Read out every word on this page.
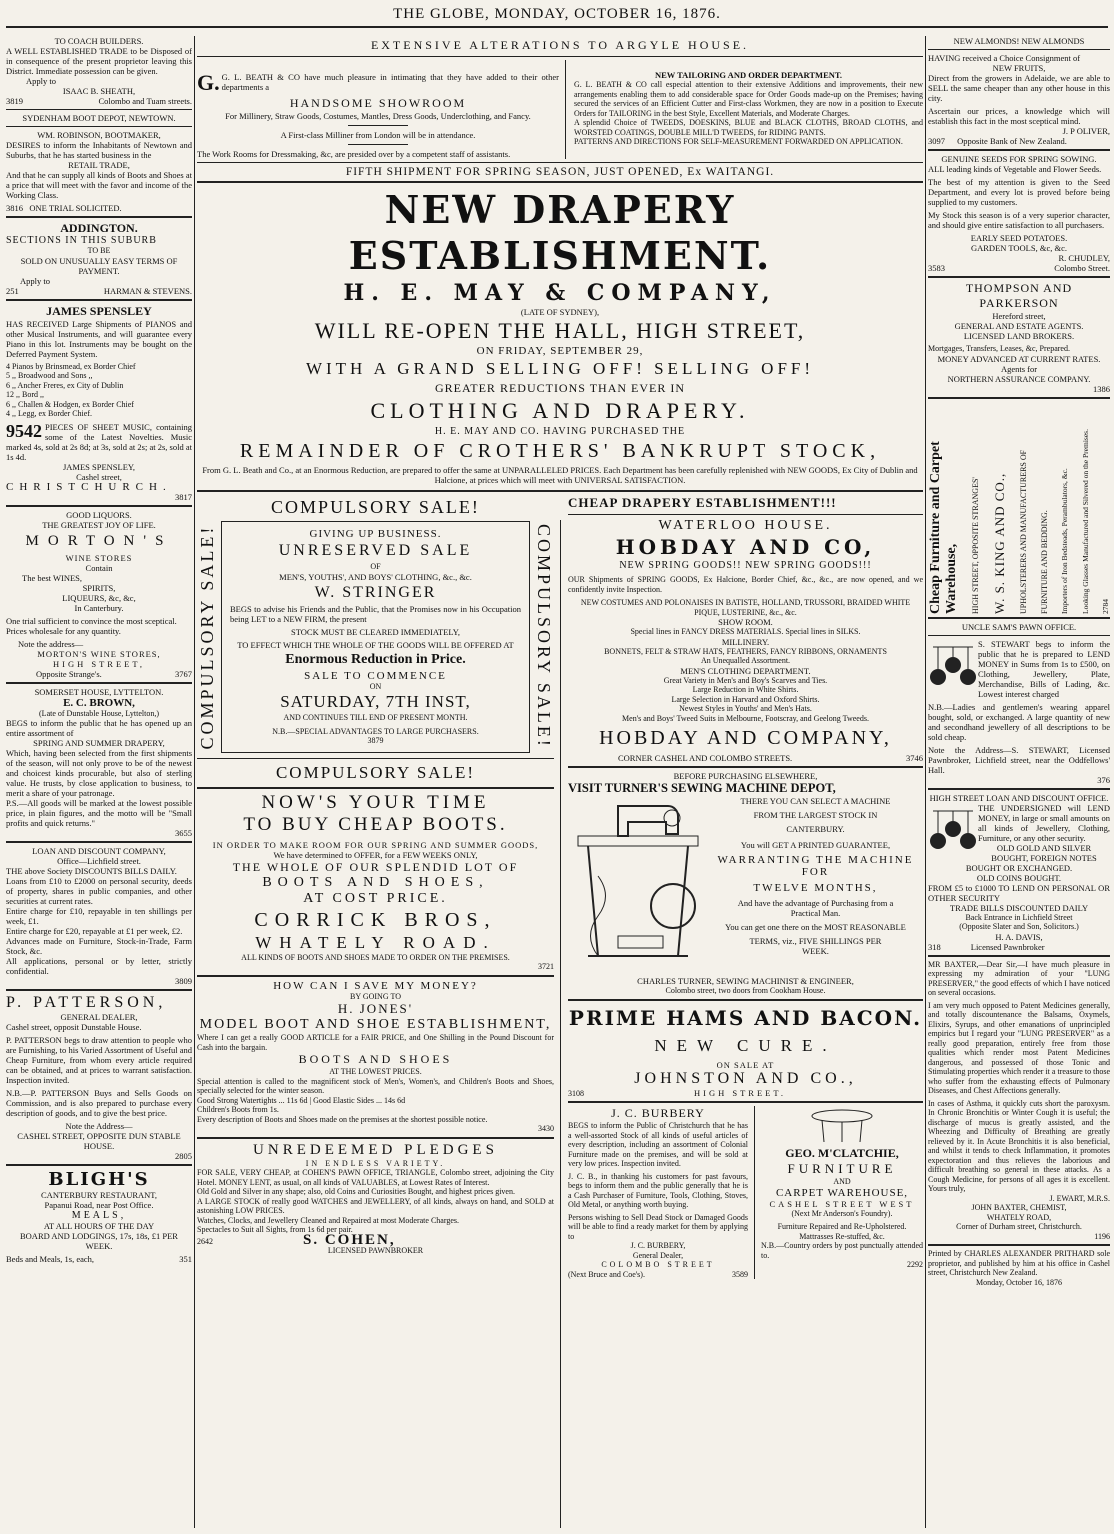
THE GLOBE, MONDAY, OCTOBER 16, 1876.

TO COACH BUILDERS.

A WELL ESTABLISHED TRADE to be Disposed of in consequence of the present proprietor leaving this District. Immediate possession can be given.

Apply to

ISAAC B. SHEATH,

3819	Colombo and Tuam streets.

SYDENHAM BOOT DEPOT, NEWTOWN.

WM. ROBINSON, BOOTMAKER,

DESIRES to inform the Inhabitants of Newtown and Suburbs, that he has started business in the

RETAIL TRADE,

And that he can supply all kinds of Boots and Shoes at a price that will meet with the favor and income of the Working Class.

3816 ONE TRIAL SOLICITED.

ADDINGTON.

SECTIONS IN THIS SUBURB

TO BE

SOLD ON UNUSUALLY EASY TERMS OF PAYMENT.

Apply to

251	HARMAN & STEVENS.

JAMES SPENSLEY

HAS RECEIVED Large Shipments of PIANOS and other Musical Instruments, and will guarantee every Piano in this lot. Instruments may be bought on the Deferred Payment System.

4 Pianos by Brinsmead, ex Border Chief

5 ,, Broadwood and Sons ,,

6 ,, Ancher Freres, ex City of Dublin

12 ,, Bord ,,

6 ,, Challen & Hodgen, ex Border Chief

4 ,, Legg, ex Border Chief.

9542 PIECES OF SHEET MUSIC, containing some of the Latest Novelties. Music marked 4s, sold at 2s 8d; at 3s, sold at 2s; at 2s, sold at 1s 4d.

JAMES SPENSLEY,

Cashel street,

CHRISTCHURCH.

3817

GOOD LIQUORS.

THE GREATEST JOY OF LIFE.

MORTON'S

WINE STORES

Contain

The best WINES,

SPIRITS,

LIQUEURS, &c, &c,

In Canterbury.

One trial sufficient to convince the most sceptical.

Prices wholesale for any quantity.

Note the address—

MORTON'S WINE STORES,

HIGH STREET,

Opposite Strange's.	3767

SOMERSET HOUSE, LYTTELTON.

E. C. BROWN,

(Late of Dunstable House, Lyttelton,)

BEGS to inform the public that he has opened up an entire assortment of

SPRING AND SUMMER DRAPERY,

Which, having been selected from the first shipments of the season, will not only prove to be of the newest and choicest kinds procurable, but also of sterling value. He trusts, by close application to business, to merit a share of your patronage.

P.S.—All goods will be marked at the lowest possible price, in plain figures, and the motto will be "Small profits and quick returns."

3655

LOAN AND DISCOUNT COMPANY,

Office—Lichfield street.

THE above Society DISCOUNTS BILLS DAILY.

Loans from £10 to £2000 on personal security, deeds of property, shares in public companies, and other securities at current rates.

Entire charge for £10, repayable in ten shillings per week, £1.

Entire charge for £20, repayable at £1 per week, £2.

Advances made on Furniture, Stock-in-Trade, Farm Stock, &c.

All applications, personal or by letter, strictly confidential.

3809

P. PATTERSON,

GENERAL DEALER,

Cashel street, opposit Dunstable House.

P. PATTERSON begs to draw attention to people who are Furnishing, to his Varied Assortment of Useful and Cheap Furniture, from whom every article required can be obtained, and at prices to warrant satisfaction. Inspection invited.

N.B.—P. PATTERSON Buys and Sells Goods on Commission, and is also prepared to purchase every description of goods, and to give the best price.

Note the Address—

CASHEL STREET, OPPOSITE DUN STABLE HOUSE.

2805

BLIGH'S

CANTERBURY RESTAURANT,

Papanui Road, near Post Office.

MEALS,

AT ALL HOURS OF THE DAY

BOARD AND LODGINGS, 17s, 18s, £1 PER WEEK.

Beds and Meals, 1s, each,	351

EXTENSIVE ALTERATIONS TO ARGYLE HOUSE.

G. G. L. BEATH & CO have much pleasure in intimating that they have added to their other departments a

HANDSOME SHOWROOM

For Millinery, Straw Goods, Costumes, Mantles, Dress Goods, Underclothing, and Fancy.

A First-class Milliner from London will be in attendance.

The Work Rooms for Dressmaking, &c, are presided over by a competent staff of assistants.

NEW TAILORING AND ORDER DEPARTMENT.

G. L. BEATH & CO call especial attention to their extensive Additions and improvements, their new arrangements enabling them to add considerable space for Order Goods made-up on the Premises; having secured the services of an Efficient Cutter and First-class Workmen, they are now in a position to Execute Orders for TAILORING in the best Style, Excellent Materials, and Moderate Charges.

A splendid Choice of TWEEDS, DOESKINS, BLUE and BLACK CLOTHS, BROAD CLOTHS, and WORSTED COATINGS, DOUBLE MILL'D TWEEDS, for RIDING PANTS.

PATTERNS AND DIRECTIONS FOR SELF-MEASUREMENT FORWARDED ON APPLICATION.

FIFTH SHIPMENT FOR SPRING SEASON, JUST OPENED, Ex WAITANGI.

NEW DRAPERY ESTABLISHMENT.

H. E. MAY & COMPANY,

(LATE OF SYDNEY),

WILL RE-OPEN THE HALL, HIGH STREET,

ON FRIDAY, SEPTEMBER 29,

WITH A GRAND SELLING OFF! SELLING OFF!

GREATER REDUCTIONS THAN EVER IN

CLOTHING AND DRAPERY.

H. E. MAY AND CO. HAVING PURCHASED THE

REMAINDER OF CROTHERS' BANKRUPT STOCK,

From G. L. Beath and Co., at an Enormous Reduction, are prepared to offer the same at UNPARALLELED PRICES. Each Department has been carefully replenished with NEW GOODS, Ex City of Dublin and Halcione, at prices which will meet with UNIVERSAL SATISFACTION.

COMPULSORY SALE!

COMPULSORY SALE!	GIVING UP BUSINESS.

UNRESERVED SALE

OF

MEN'S, YOUTHS', AND BOYS' CLOTHING, &c., &c.

W. STRINGER

BEGS to advise his Friends and the Public, that the Promises now in his Occupation being LET to a NEW FIRM, the present

STOCK MUST BE CLEARED IMMEDIATELY,

TO EFFECT WHICH THE WHOLE OF THE GOODS WILL BE OFFERED AT

Enormous Reduction in Price.

SALE TO COMMENCE

ON

SATURDAY, 7TH INST,

AND CONTINUES TILL END OF PRESENT MONTH.

N.B.—SPECIAL ADVANTAGES TO LARGE PURCHASERS.

3879	COMPULSORY SALE!

COMPULSORY SALE!

NOW'S YOUR TIME

TO BUY CHEAP BOOTS.

IN ORDER TO MAKE ROOM FOR OUR SPRING AND SUMMER GOODS,

We have determined to OFFER, for a FEW WEEKS ONLY,

THE WHOLE OF OUR SPLENDID LOT OF

BOOTS AND SHOES,

AT COST PRICE.

CORRICK BROS,

WHATELY ROAD.

ALL KINDS OF BOOTS AND SHOES MADE TO ORDER ON THE PREMISES.

3721

HOW CAN I SAVE MY MONEY?

BY GOING TO

H. JONES'

MODEL BOOT AND SHOE ESTABLISHMENT,

Where I can get a really GOOD ARTICLE for a FAIR PRICE, and One Shilling in the Pound Discount for Cash into the bargain.

BOOTS AND SHOES

AT THE LOWEST PRICES.

Special attention is called to the magnificent stock of Men's, Women's, and Children's Boots and Shoes, specially selected for the winter season.

Good Strong Watertights ... 11s 6d | Good Elastic Sides ... 14s 6d

Children's Boots from 1s.

Every description of Boots and Shoes made on the premises at the shortest possible notice.

3430

UNREDEEMED PLEDGES

IN ENDLESS VARIETY.

FOR SALE, VERY CHEAP, at COHEN'S PAWN OFFICE, TRIANGLE, Colombo street, adjoining the City Hotel. MONEY LENT, as usual, on all kinds of VALUABLES, at Lowest Rates of Interest.

Old Gold and Silver in any shape; also, old Coins and Curiosities Bought, and highest prices given.

A LARGE STOCK of really good WATCHES and JEWELLERY, of all kinds, always on hand, and SOLD at astonishing LOW PRICES.

Watches, Clocks, and Jewellery Cleaned and Repaired at most Moderate Charges.

Spectacles to Suit all Sights, from 1s 6d per pair.

2642	S. COHEN,

LICENSED PAWNBROKER

CHEAP DRAPERY ESTABLISHMENT!!!

WATERLOO HOUSE.

HOBDAY AND CO,

NEW SPRING GOODS!! NEW SPRING GOODS!!!

OUR Shipments of SPRING GOODS, Ex Halcione, Border Chief, &c., &c., are now opened, and we confidently invite Inspection.

NEW COSTUMES AND POLONAISES IN BATISTE, HOLLAND, TRUSSORI, BRAIDED WHITE PIQUE, LUSTERINE, &c., &c.

SHOW ROOM.

Special lines in FANCY DRESS MATERIALS. Special lines in SILKS.

MILLINERY.

BONNETS, FELT & STRAW HATS, FEATHERS, FANCY RIBBONS, ORNAMENTS

An Unequalled Assortment.

MEN'S CLOTHING DEPARTMENT.

Great Variety in Men's and Boy's Scarves and Ties.

Large Reduction in White Shirts.

Large Selection in Harvard and Oxford Shirts.

Newest Styles in Youths' and Men's Hats.

Men's and Boys' Tweed Suits in Melbourne, Footscray, and Geelong Tweeds.

HOBDAY AND COMPANY,

CORNER CASHEL AND COLOMBO STREETS.	3746

BEFORE PURCHASING ELSEWHERE,

VISIT TURNER'S SEWING MACHINE DEPOT,

THERE YOU CAN SELECT A MACHINE

FROM THE LARGEST STOCK IN

CANTERBURY.

You will GET A PRINTED GUARANTEE,

WARRANTING THE MACHINE FOR

TWELVE MONTHS,

And have the advantage of Purchasing from a

Practical Man.

You can get one there on the MOST REASONABLE

TERMS, viz., FIVE SHILLINGS PER

WEEK.

CHARLES TURNER, SEWING MACHINIST & ENGINEER,

Colombo street, two doors from Cookham House.

PRIME HAMS AND BACON.

NEW CURE.

ON SALE AT

JOHNSTON AND CO.,

3108	HIGH STREET.

J. C. BURBERY

BEGS to inform the Public of Christchurch that he has a well-assorted Stock of all kinds of useful articles of every description, including an assortment of Colonial Furniture made on the premises, and will be sold at very low prices. Inspection invited.

J. C. B., in thanking his customers for past favours, begs to inform them and the public generally that he is a Cash Purchaser of Furniture, Tools, Clothing, Stoves, Old Metal, or anything worth buying.

Persons wishing to Sell Dead Stock or Damaged Goods will be able to find a ready market for them by applying to

J. C. BURBERY,

General Dealer,

COLOMBO STREET

(Next Bruce and Coe's).	3589

GEO. M'CLATCHIE,

FURNITURE

AND

CARPET WAREHOUSE,

CASHEL STREET WEST

(Next Mr Anderson's Foundry).

Furniture Repaired and Re-Upholstered.

Mattrasses Re-stuffed, &c.

N.B.—Country orders by post punctually attended to.

2292

NEW ALMONDS! NEW ALMONDS

HAVING received a Choice Consignment of

NEW FRUITS,

Direct from the growers in Adelaide, we are able to SELL the same cheaper than any other house in this city.

Ascertain our prices, a knowledge which will establish this fact in the most sceptical mind.

J. P OLIVER,

3097 Opposite Bank of New Zealand.

GENUINE SEEDS FOR SPRING SOWING.

ALL leading kinds of Vegetable and Flower Seeds.

The best of my attention is given to the Seed Department, and every lot is proved before being supplied to my customers.

My Stock this season is of a very superior character, and should give entire satisfaction to all purchasers.

EARLY SEED POTATOES.

GARDEN TOOLS, &c, &c.

R. CHUDLEY,

3583	Colombo Street.

THOMPSON AND PARKERSON

Hereford street,

GENERAL AND ESTATE AGENTS.

LICENSED LAND BROKERS.

Mortgages, Transfers, Leases, &c, Prepared.

MONEY ADVANCED AT CURRENT RATES.

Agents for

NORTHERN ASSURANCE COMPANY.

1386

Cheap Furniture and Carpet Warehouse, HIGH STREET, OPPOSITE STRANGES' W. S. KING AND CO., UPHOLSTERERS AND MANUFACTURERS OF FURNITURE AND BEDDING. Importers of Iron Bedsteads, Perambulators, &c. Looking Glasses Manufactured and Silvered on the Premises. 2784

UNCLE SAM'S PAWN OFFICE.

S. STEWART begs to inform the public that he is prepared to LEND MONEY in Sums from 1s to £500, on Clothing, Jewellery, Plate, Merchandise, Bills of Lading, &c. Lowest interest charged

N.B.—Ladies and gentlemen's wearing apparel bought, sold, or exchanged. A large quantity of new and secondhand jewellery of all descriptions to be sold cheap.

Note the Address—S. STEWART, Licensed Pawnbroker, Lichfield street, near the Oddfellows' Hall.

376

HIGH STREET LOAN AND DISCOUNT OFFICE.

THE UNDERSIGNED will LEND MONEY, in large or small amounts on all kinds of Jewellery, Clothing, Furniture, or any other security.

OLD GOLD AND SILVER BOUGHT, FOREIGN NOTES BOUGHT OR EXCHANGED.

OLD COINS BOUGHT.

FROM £5 to £1000 TO LEND ON PERSONAL OR OTHER SECURITY

TRADE BILLS DISCOUNTED DAILY

Back Entrance in Lichfield Street

(Opposite Slater and Son, Solicitors.)

H. A. DAVIS,

318	Licensed Pawnbroker

MR BAXTER,—Dear Sir,—I have much pleasure in expressing my admiration of your "LUNG PRESERVER," the good effects of which I have noticed on several occasions.

I am very much opposed to Patent Medicines generally, and totally discountenance the Balsams, Oxymels, Elixirs, Syrups, and other emanations of unprincipled empirics but I regard your "LUNG PRESERVER" as a really good preparation, entirely free from those qualities which render most Patent Medicines dangerous, and possessed of those Tonic and Stimulating properties which render it a treasure to those who suffer from the exhausting effects of Pulmonary Diseases, and Chest Affections generally.

In cases of Asthma, it quickly cuts short the paroxysm. In Chronic Bronchitis or Winter Cough it is useful; the discharge of mucus is greatly assisted, and the Wheezing and Difficulty of Breathing are greatly relieved by it. In Acute Bronchitis it is also beneficial, and whilst it tends to check Inflammation, it promotes expectoration and thus relieves the laborious and difficult breathing so general in these attacks. As a Cough Medicine, for persons of all ages it is excellent. Yours truly,

J. EWART, M.R.S.

JOHN BAXTER, CHEMIST,

WHATELY ROAD,

Corner of Durham street, Christchurch.

1196

Printed by CHARLES ALEXANDER PRITHARD sole proprietor, and published by him at his office in Cashel street, Christchurch New Zealand.

Monday, October 16, 1876
